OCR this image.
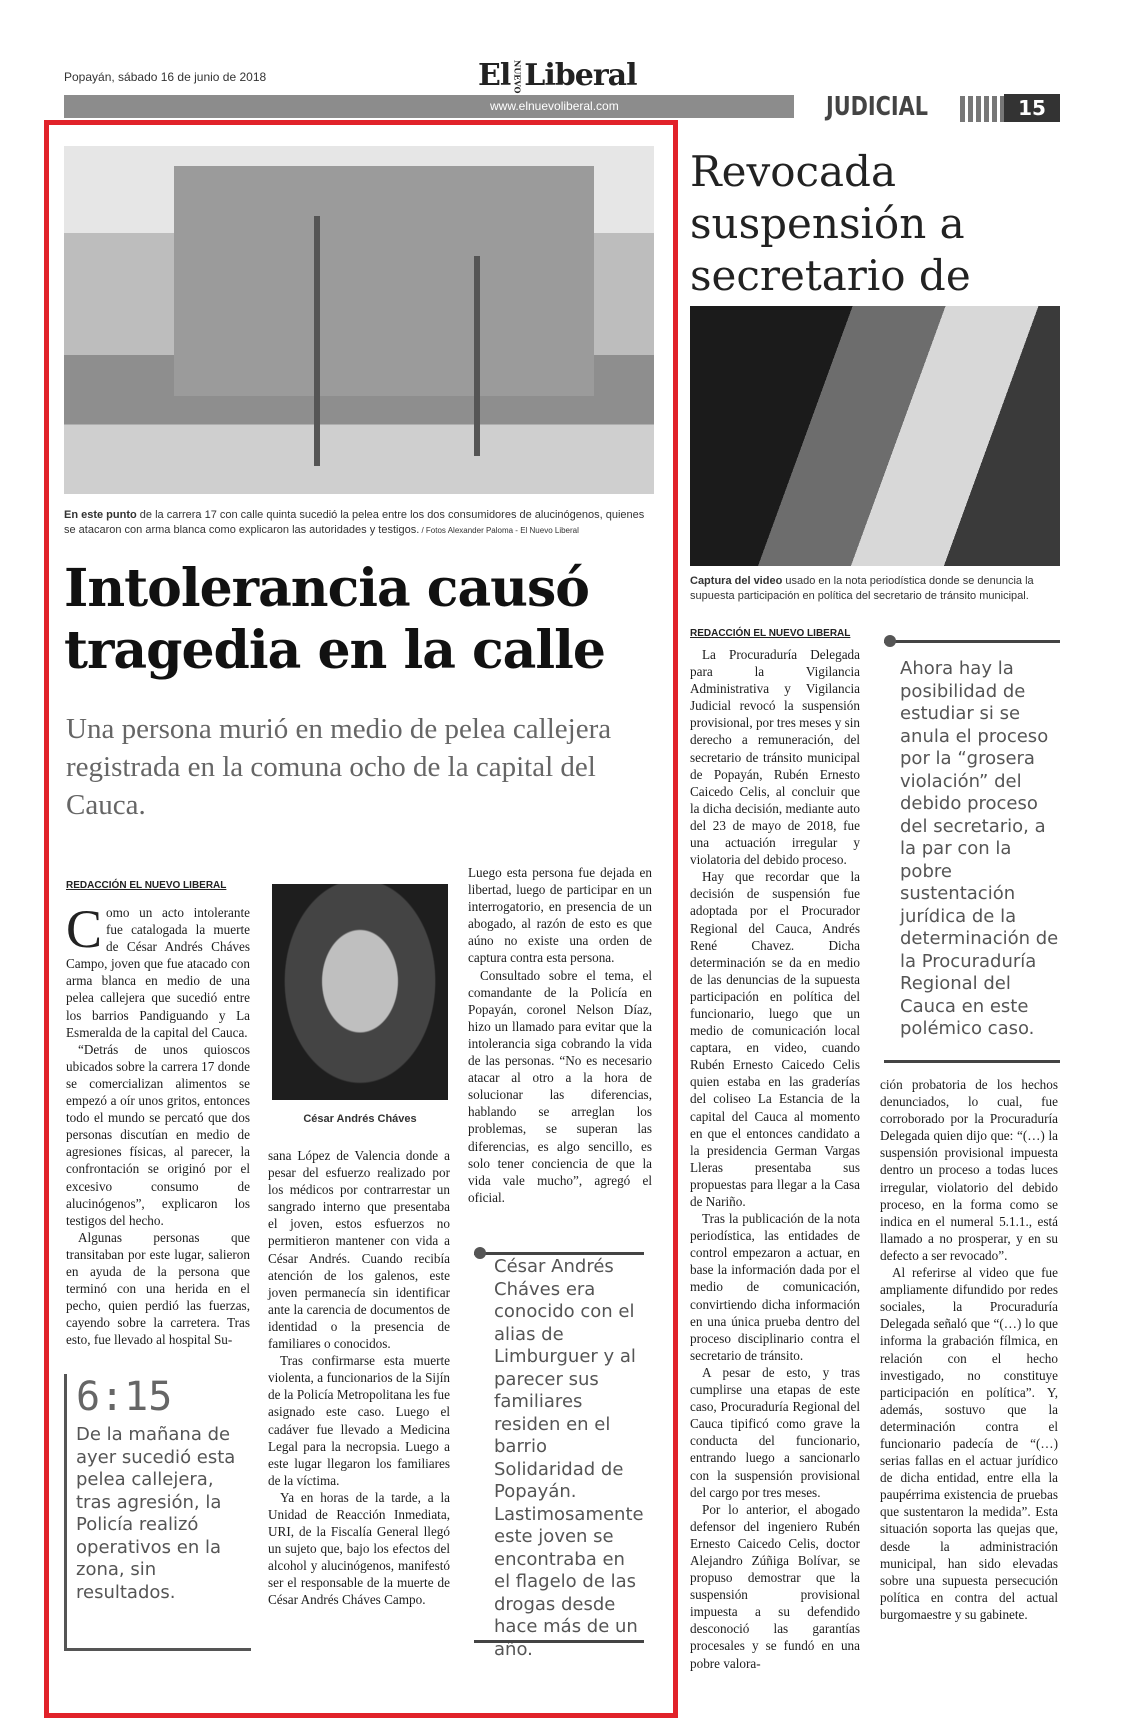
Popayán, sábado 16 de junio de 2018	El NUEVOLiberal
www.elnuevoliberal.com	JUDICIAL	15
En este punto de la carrera 17 con calle quinta sucedió la pelea entre los dos consumidores de alucinógenos, quienes se atacaron con arma blanca como explicaron las autoridades y testigos. / Fotos Alexander Paloma - El Nuevo Liberal
Intolerancia causó tragedia en la calle
Una persona murió en medio de pelea callejera registrada en la comuna ocho de la capital del Cauca.
REDACCIÓN EL NUEVO LIBERAL

Como un acto intolerante fue catalogada la muerte de César Andrés Cháves Campo, joven que fue atacado con arma blanca en medio de una pelea callejera que sucedió entre los barrios Pandiguando y La Esmeralda de la capital del Cauca.

“Detrás de unos quioscos ubicados sobre la carrera 17 donde se comercializan alimentos se empezó a oír unos gritos, entonces todo el mundo se percató que dos personas discutían en medio de agresiones físicas, al parecer, la confrontación se originó por el excesivo consumo de alucinógenos”, explicaron los testigos del hecho.

Algunas personas que transitaban por este lugar, salieron en ayuda de la persona que terminó con una herida en el pecho, quien perdió las fuerzas, cayendo sobre la carretera. Tras esto, fue llevado al hospital Su-

César Andrés Cháves

sana López de Valencia donde a pesar del esfuerzo realizado por los médicos por contrarrestar un sangrado interno que presentaba el joven, estos esfuerzos no permitieron mantener con vida a César Andrés. Cuando recibía atención de los galenos, este joven permanecía sin identificar ante la carencia de documentos de identidad o la presencia de familiares o conocidos.

Tras confirmarse esta muerte violenta, a funcionarios de la Sijín de la Policía Metropolitana les fue asignado este caso. Luego el cadáver fue llevado a Medicina Legal para la necropsia. Luego a este lugar llegaron los familiares de la víctima.

Ya en horas de la tarde, a la Unidad de Reacción Inmediata, URI, de la Fiscalía General llegó un sujeto que, bajo los efectos del alcohol y alucinógenos, manifestó ser el responsable de la muerte de César Andrés Cháves Campo.

Luego esta persona fue dejada en libertad, luego de participar en un interrogatorio, en presencia de un abogado, al razón de esto es que aúno no existe una orden de captura contra esta persona.

Consultado sobre el tema, el comandante de la Policía en Popayán, coronel Nelson Díaz, hizo un llamado para evitar que la intolerancia siga cobrando la vida de las personas. “No es necesario atacar al otro a la hora de solucionar las diferencias, hablando se arreglan los problemas, se superan las diferencias, es algo sencillo, es solo tener conciencia de que la vida vale mucho”, agregó el oficial.

César Andrés Cháves era conocido con el alias de Limburguer y al parecer sus familiares residen en el barrio Solidaridad de Popayán. Lastimosamente este joven se encontraba en el flagelo de las drogas desde hace más de un año.
6:15
De la mañana de ayer sucedió esta pelea callejera, tras agresión, la Policía realizó operativos en la zona, sin resultados.
Revocada suspensión a secretario de
Captura del video usado en la nota periodística donde se denuncia la supuesta participación en política del secretario de tránsito municipal.
REDACCIÓN EL NUEVO LIBERAL

La Procuraduría Delegada para la Vigilancia Administrativa y Vigilancia Judicial revocó la suspensión provisional, por tres meses y sin derecho a remuneración, del secretario de tránsito municipal de Popayán, Rubén Ernesto Caicedo Celis, al concluir que la dicha decisión, mediante auto del 23 de mayo de 2018, fue una actuación irregular y violatoria del debido proceso.

Hay que recordar que la decisión de suspensión fue adoptada por el Procurador Regional del Cauca, Andrés René Chavez. Dicha determinación se da en medio de las denuncias de la supuesta participación en política del funcionario, luego que un medio de comunicación local captara, en video, cuando Rubén Ernesto Caicedo Celis quien estaba en las graderías del coliseo La Estancia de la capital del Cauca al momento en que el entonces candidato a la presidencia German Vargas Lleras presentaba sus propuestas para llegar a la Casa de Nariño.

Tras la publicación de la nota periodística, las entidades de control empezaron a actuar, en base la información dada por el medio de comunicación, convirtiendo dicha información en una única prueba dentro del proceso disciplinario contra el secretario de tránsito.

A pesar de esto, y tras cumplirse una etapas de este caso, Procuraduría Regional del Cauca tipificó como grave la conducta del funcionario, entrando luego a sancionarlo con la suspensión provisional del cargo por tres meses.

Por lo anterior, el abogado defensor del ingeniero Rubén Ernesto Caicedo Celis, doctor Alejandro Zúñiga Bolívar, se propuso demostrar que la suspensión provisional impuesta a su defendido desconoció las garantías procesales y se fundó en una pobre valora-

Ahora hay la posibilidad de estudiar si se anula el proceso por la “grosera violación” del debido proceso del secretario, a la par con la pobre sustentación jurídica de la determinación de la Procuraduría Regional del Cauca en este polémico caso.

ción probatoria de los hechos denunciados, lo cual, fue corroborado por la Procuraduría Delegada quien dijo que: “(…) la suspensión provisional impuesta dentro un proceso a todas luces irregular, violatorio del debido proceso, en la forma como se indica en el numeral 5.1.1., está llamado a no prosperar, y en su defecto a ser revocado”.

Al referirse al video que fue ampliamente difundido por redes sociales, la Procuraduría Delegada señaló que “(…) lo que informa la grabación fílmica, en relación con el hecho investigado, no constituye participación en política”. Y, además, sostuvo que la determinación contra el funcionario padecía de “(…) serias fallas en el actuar jurídico de dicha entidad, entre ella la paupérrima existencia de pruebas que sustentaron la medida”. Esta situación soporta las quejas que, desde la administración municipal, han sido elevadas sobre una supuesta persecución política en contra del actual burgomaestre y su gabinete.
